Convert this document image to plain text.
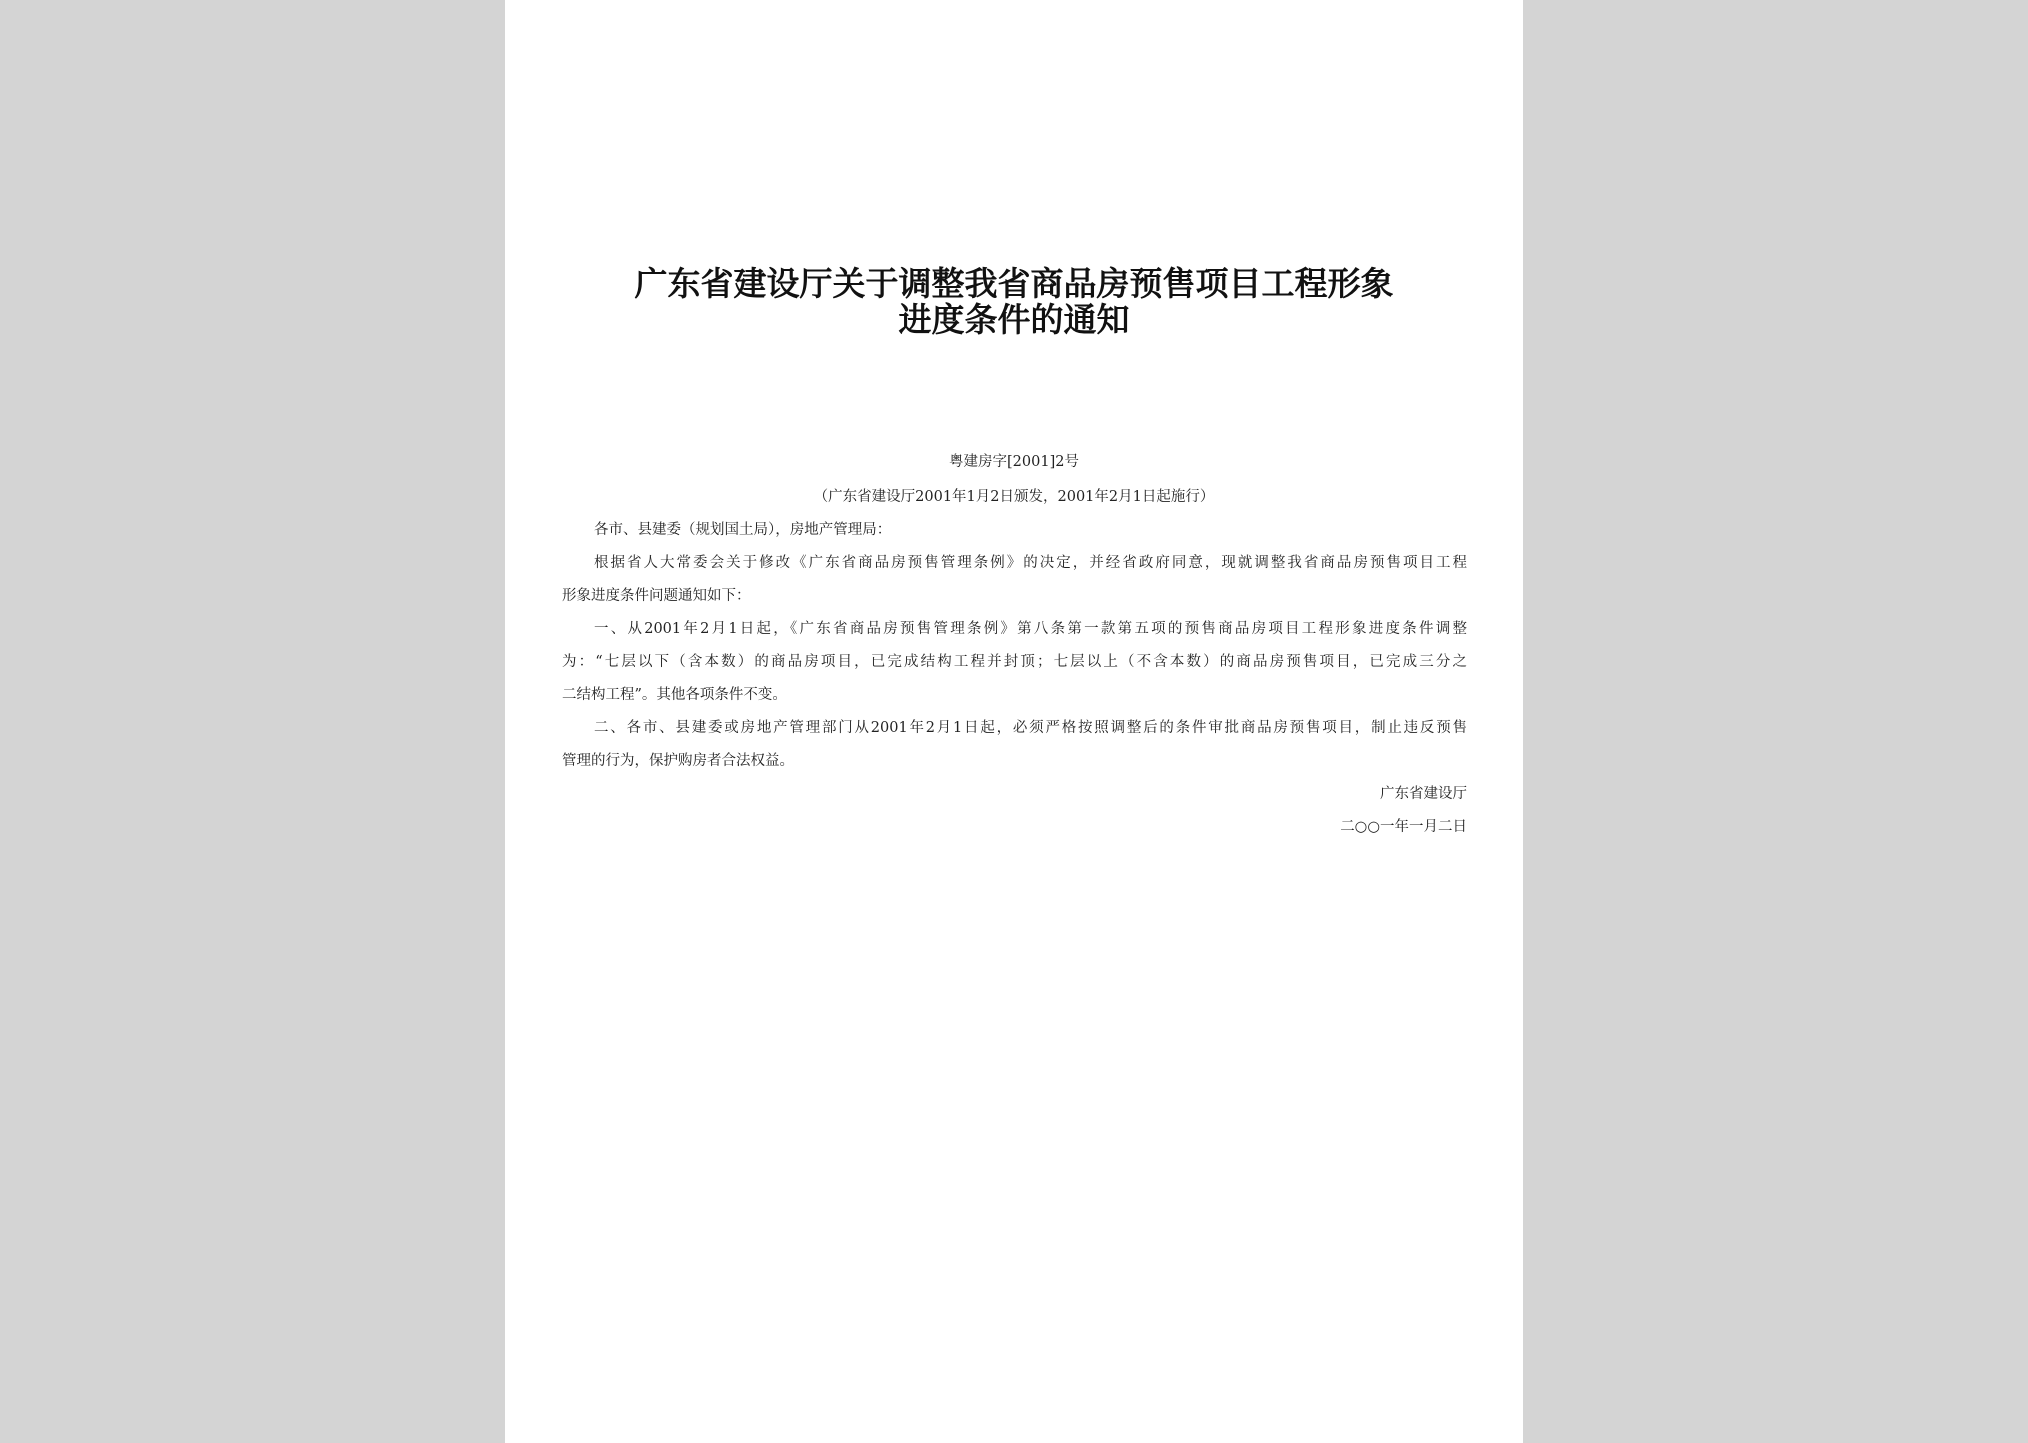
广东省建设厅关于调整我省商品房预售项目工程形象
进度条件的通知
粤建房字[2001]2号
（广东省建设厅2001年1月2日颁发，2001年2月1日起施行）
各市、县建委（规划国土局），房地产管理局：
根据省人大常委会关于修改《广东省商品房预售管理条例》的决定，并经省政府同意，现就调整我省商品房预售项目工程
形象进度条件问题通知如下：
一、从2001年2月1日起，《广东省商品房预售管理条例》第八条第一款第五项的预售商品房项目工程形象进度条件调整
为：“七层以下（含本数）的商品房项目，已完成结构工程并封顶；七层以上（不含本数）的商品房预售项目，已完成三分之
二结构工程”。其他各项条件不变。
二、各市、县建委或房地产管理部门从2001年2月1日起，必须严格按照调整后的条件审批商品房预售项目，制止违反预售
管理的行为，保护购房者合法权益。
广东省建设厅
二○○一年一月二日
